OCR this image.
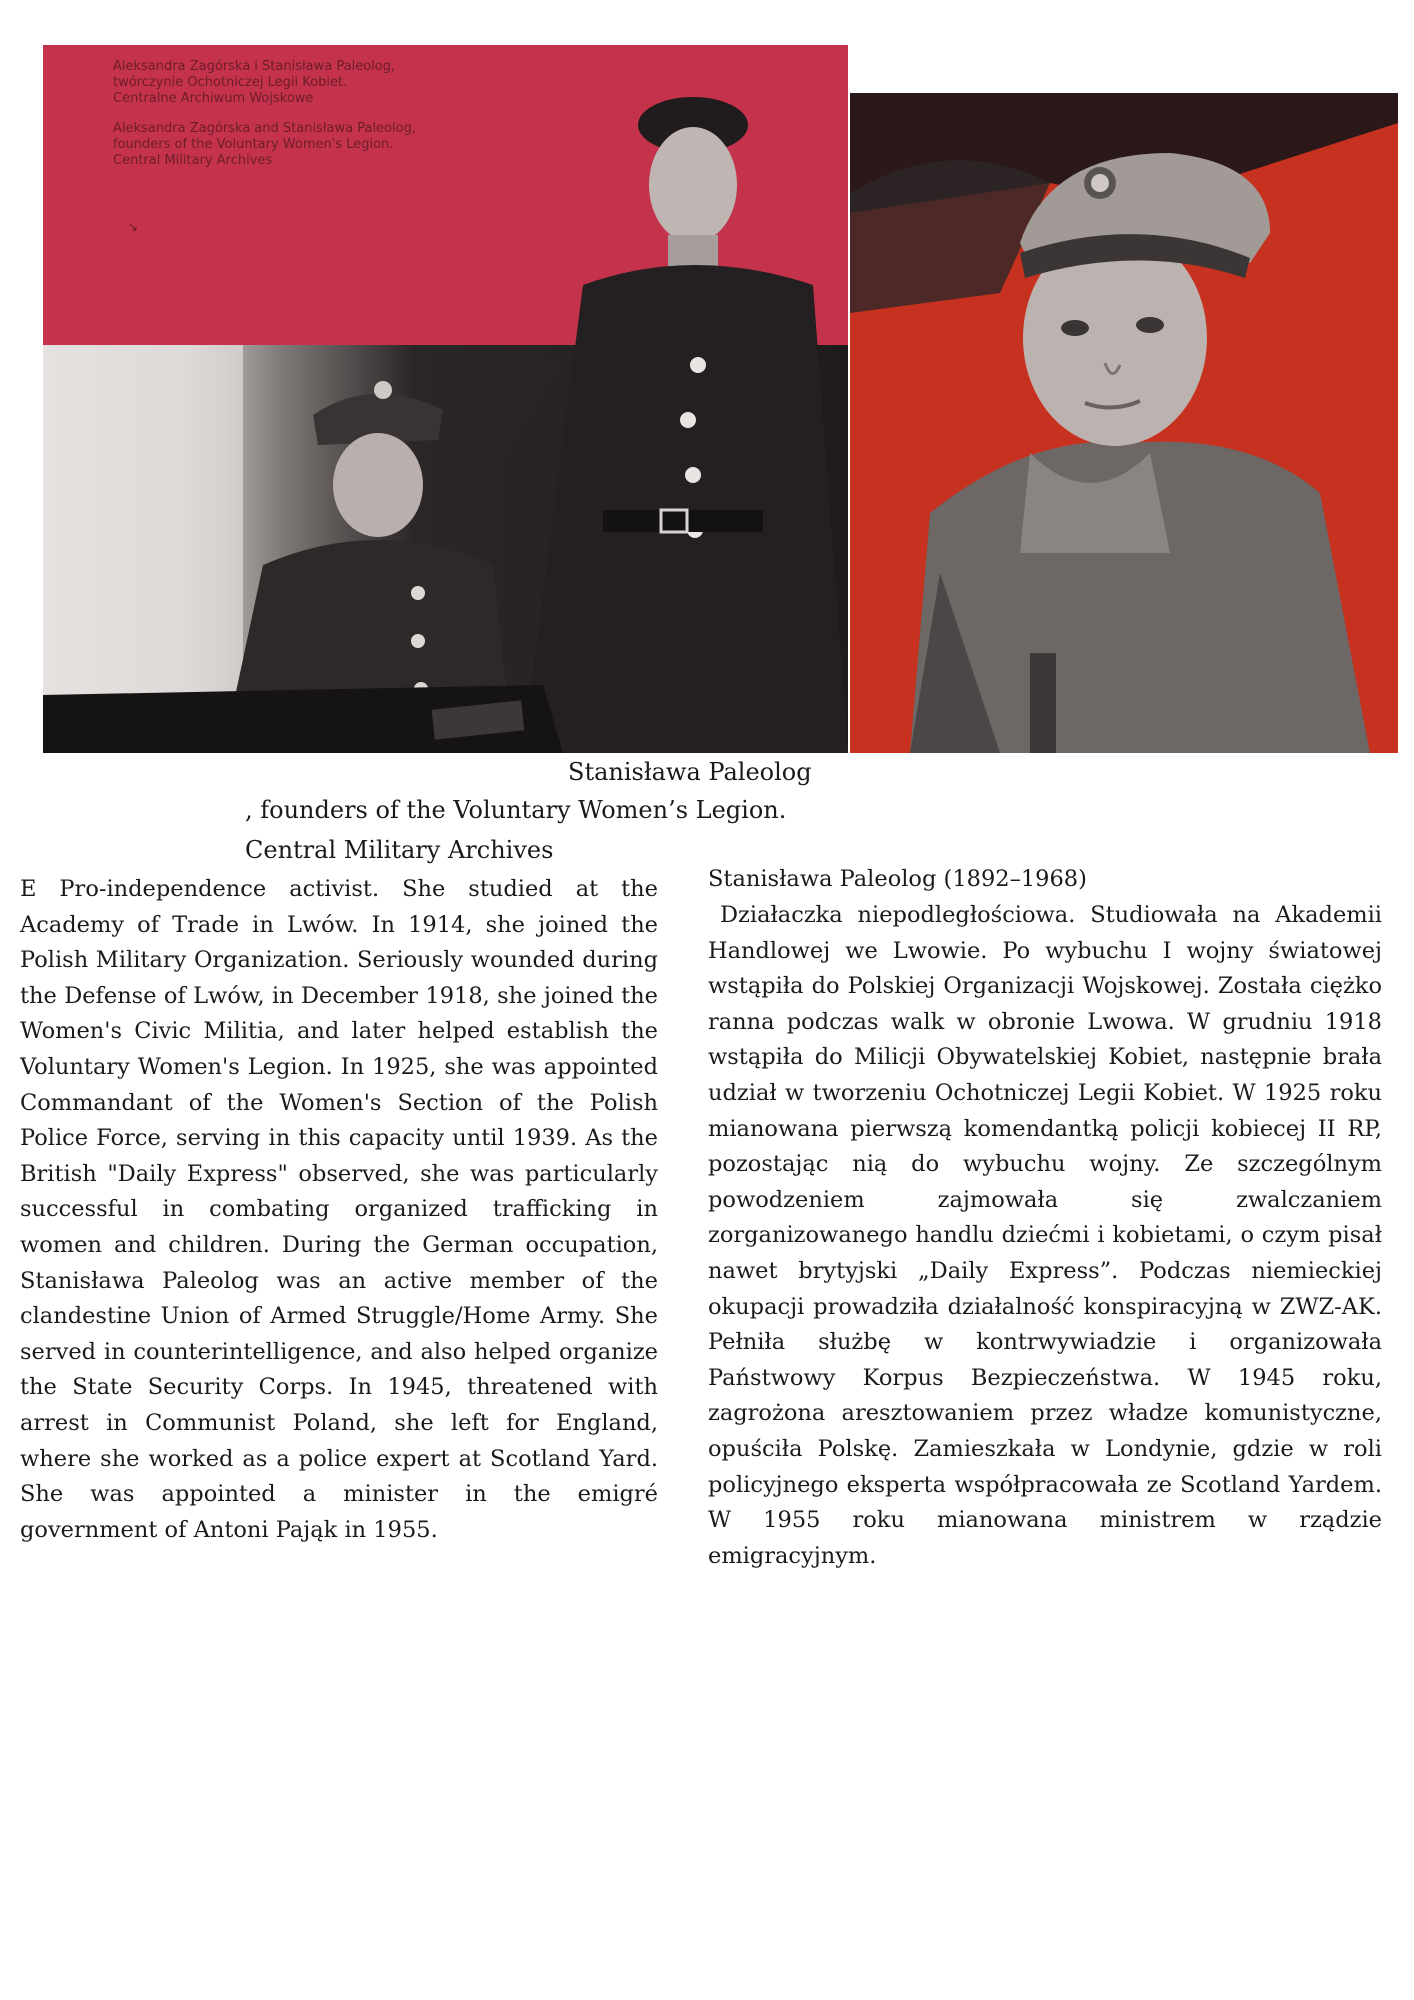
Aleksandra Zagórska i Stanisława Paleolog,
twórczynie Ochotniczej Legii Kobiet.
Centralne Archiwum Wojskowe

Aleksandra Zagórska and Stanisława Paleolog,
founders of the Voluntary Women's Legion.
Central Military Archives

↘
Stanisława Paleolog
, founders of the Voluntary Women’s Legion.
Central Military Archives

E Pro-independence activist. She studied at the Academy of Trade in Lwów. In 1914, she joined the Polish Military Organization. Seriously wounded during the Defense of Lwów, in December 1918, she joined the Women's Civic Militia, and later helped establish the Voluntary Women's Legion. In 1925, she was appointed Commandant of the Women's Section of the Polish Police Force, serving in this capacity until 1939. As the British "Daily Express" observed, she was particularly successful in combating organized trafficking in women and children. During the German occupation, Stanisława Paleolog was an active member of the clandestine Union of Armed Struggle/Home Army. She served in counterintelligence, and also helped organize the State Security Corps. In 1945, threatened with arrest in Communist Poland, she left for England, where she worked as a police expert at Scotland Yard. She was appointed a minister in the emigré government of Antoni Pająk in 1955.

Stanisława Paleolog (1892–1968)

Działaczka niepodległościowa. Studiowała na Akademii Handlowej we Lwowie. Po wybuchu I wojny światowej wstąpiła do Polskiej Organizacji Wojskowej. Została ciężko ranna podczas walk w obronie Lwowa. W grudniu 1918 wstąpiła do Milicji Obywatelskiej Kobiet, następnie brała udział w tworzeniu Ochotniczej Legii Kobiet. W 1925 roku mianowana pierwszą komendantką policji kobiecej II RP, pozostając nią do wybuchu wojny. Ze szczególnym powodzeniem zajmowała się zwalczaniem zorganizowanego handlu dziećmi i kobietami, o czym pisał nawet brytyjski „Daily Express”. Podczas niemieckiej okupacji prowadziła działalność konspiracyjną w ZWZ-AK. Pełniła służbę w kontrwywiadzie i organizowała Państwowy Korpus Bezpieczeństwa. W 1945 roku, zagrożona aresztowaniem przez władze komunistyczne, opuściła Polskę. Zamieszkała w Londynie, gdzie w roli policyjnego eksperta współpracowała ze Scotland Yardem. W 1955 roku mianowana ministrem w rządzie emigracyjnym.
